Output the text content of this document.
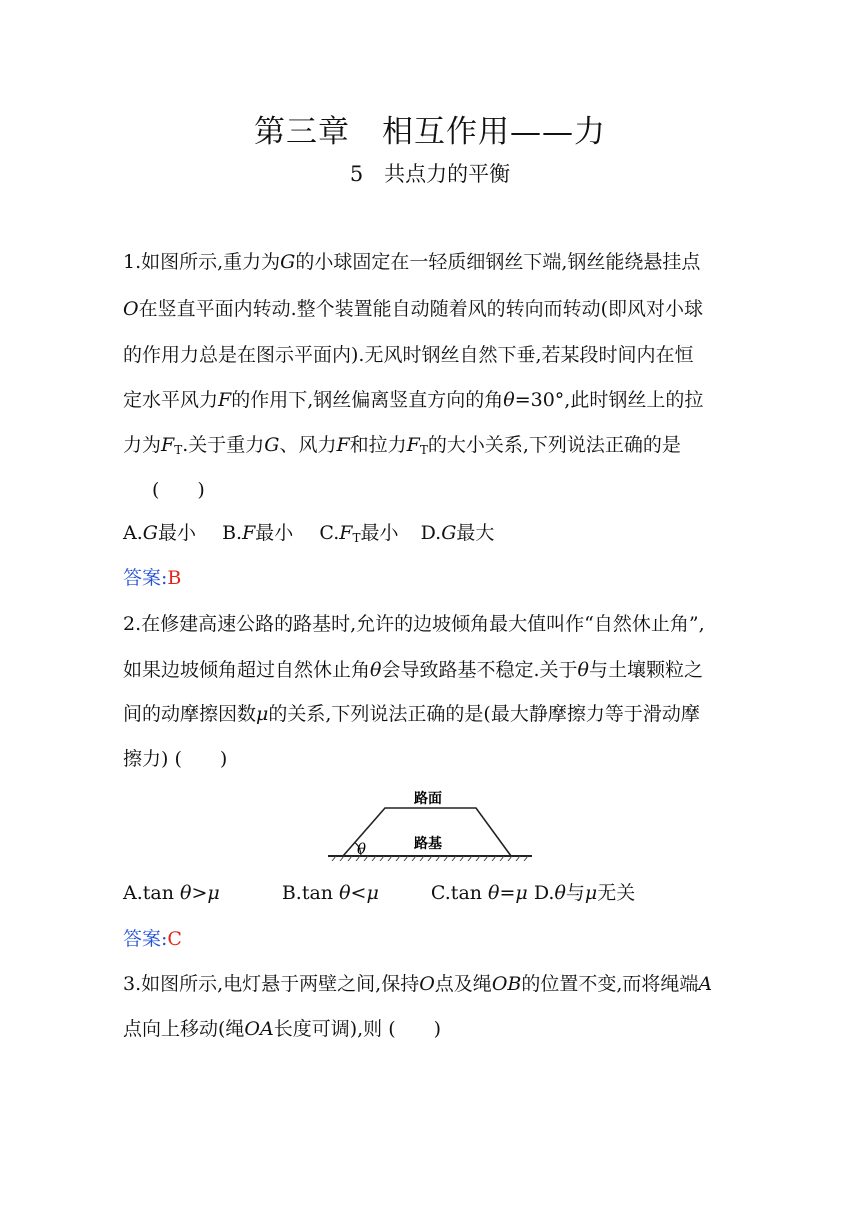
第三章　相互作用——力
5　共点力的平衡
1.如图所示,重力为G的小球固定在一轻质细钢丝下端,钢丝能绕悬挂点
O在竖直平面内转动.整个装置能自动随着风的转向而转动(即风对小球
的作用力总是在图示平面内).无风时钢丝自然下垂,若某段时间内在恒
定水平风力F的作用下,钢丝偏离竖直方向的角θ=30°,此时钢丝上的拉
力为$F_T$.关于重力G、风力F和拉力$F_T$的大小关系,下列说法正确的是
(　　)
A.G最小 B.F最小 $C.F_T$最小 D.G最大
答案:B
2.在修建高速公路的路基时,允许的边坡倾角最大值叫作“自然休止角”,
如果边坡倾角超过自然休止角θ会导致路基不稳定.关于θ与土壤颗粒之
间的动摩擦因数μ的关系,下列说法正确的是(最大静摩擦力等于滑动摩
擦力) (　　)
θ
路面
路基
A.tan θ>μ	B.tan θ<μ	C.tan θ=μ D.θ与μ无关
答案:C
3.如图所示,电灯悬于两壁之间,保持O点及绳OB的位置不变,而将绳端A
点向上移动(绳OA长度可调),则 (　　)
